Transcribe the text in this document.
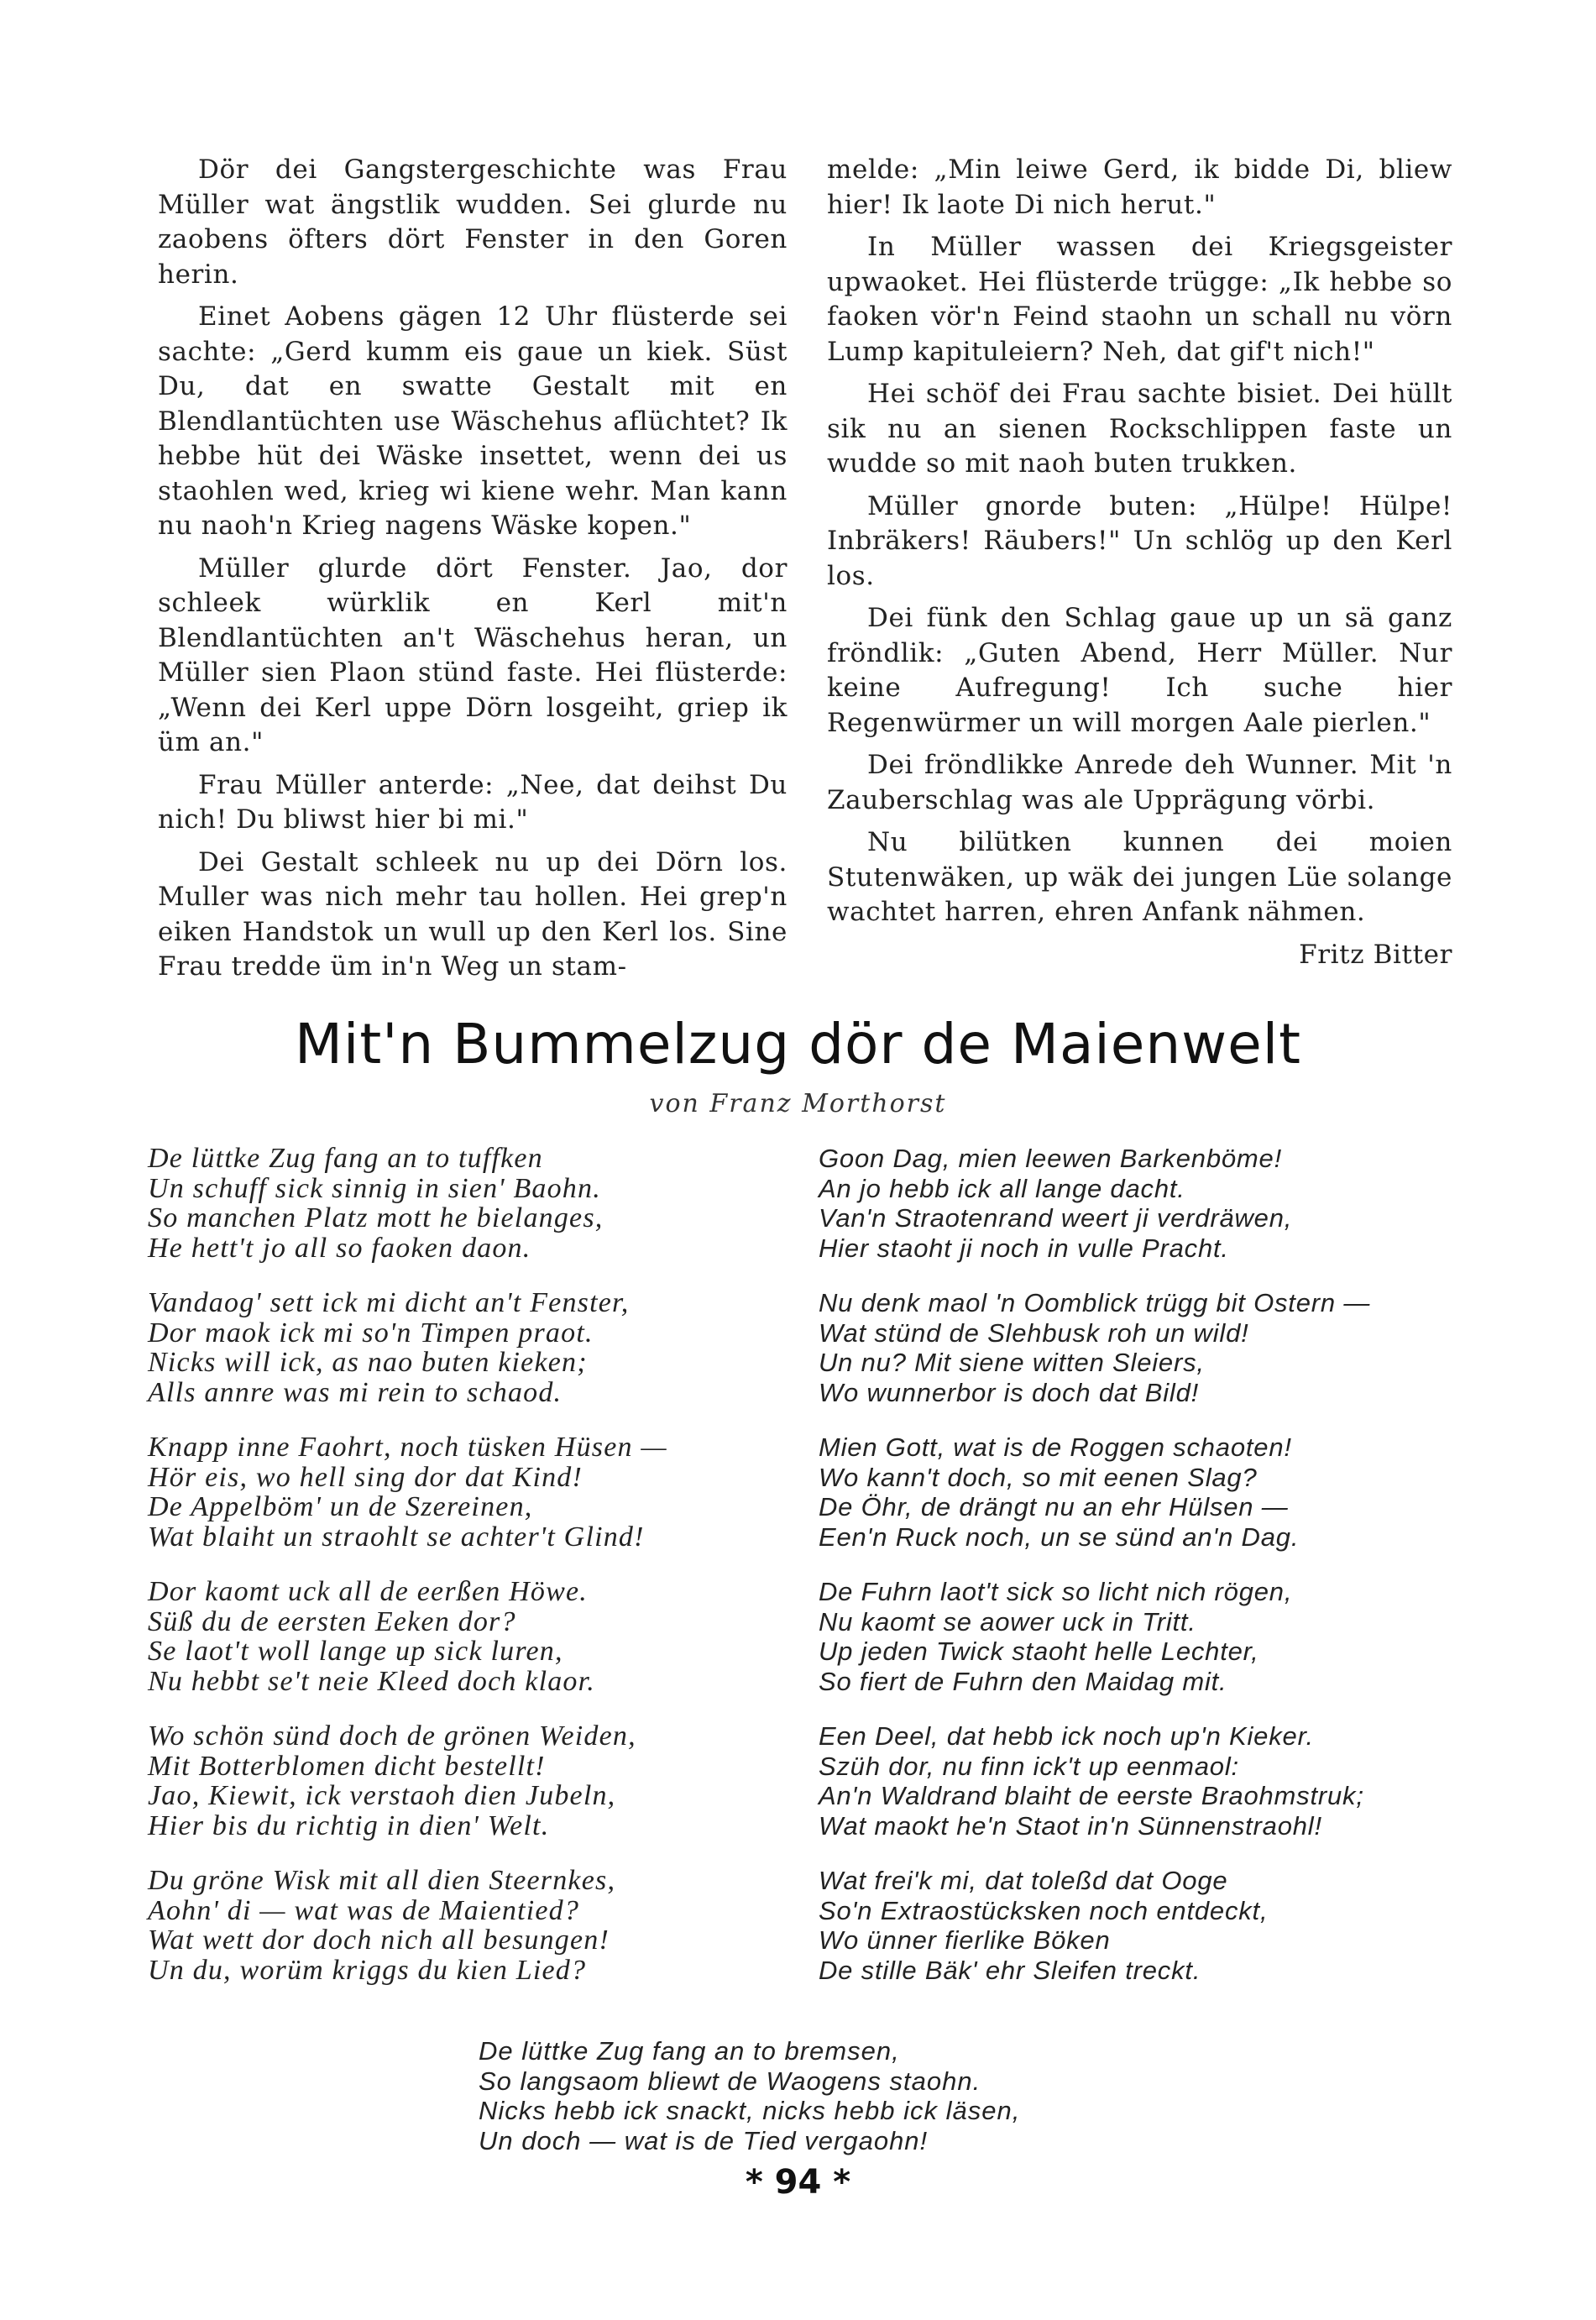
Dör dei Gangstergeschichte was Frau Müller wat ängstlik wudden. Sei glurde nu zaobens öfters dört Fenster in den Goren herin.

Einet Aobens gägen 12 Uhr flüsterde sei sachte: „Gerd kumm eis gaue un kiek. Süst Du, dat en swatte Gestalt mit en Blendlantüchten use Wäschehus aflüchtet? Ik hebbe hüt dei Wäske insettet, wenn dei us staohlen wed, krieg wi kiene wehr. Man kann nu naoh'n Krieg nagens Wäske kopen."

Müller glurde dört Fenster. Jao, dor schleek würklik en Kerl mit'n Blendlantüchten an't Wäschehus heran, un Müller sien Plaon stünd faste. Hei flüsterde: „Wenn dei Kerl uppe Dörn losgeiht, griep ik üm an."

Frau Müller anterde: „Nee, dat deihst Du nich! Du bliwst hier bi mi."

Dei Gestalt schleek nu up dei Dörn los. Muller was nich mehr tau hollen. Hei grep'n eiken Handstok un wull up den Kerl los. Sine Frau tredde üm in'n Weg un stam-

melde: „Min leiwe Gerd, ik bidde Di, bliew hier! Ik laote Di nich herut."

In Müller wassen dei Kriegsgeister upwaoket. Hei flüsterde trügge: „Ik hebbe so faoken vör'n Feind staohn un schall nu vörn Lump kapituleiern? Neh, dat gif't nich!"

Hei schöf dei Frau sachte bisiet. Dei hüllt sik nu an sienen Rockschlippen faste un wudde so mit naoh buten trukken.

Müller gnorde buten: „Hülpe! Hülpe! Inbräkers! Räubers!" Un schlög up den Kerl los.

Dei fünk den Schlag gaue up un sä ganz fröndlik: „Guten Abend, Herr Müller. Nur keine Aufregung! Ich suche hier Regenwürmer un will morgen Aale pierlen."

Dei fröndlikke Anrede deh Wunner. Mit 'n Zauberschlag was ale Upprägung vörbi.

Nu bilütken kunnen dei moien Stutenwäken, up wäk dei jungen Lüe solange wachtet harren, ehren Anfank nähmen.

Fritz Bitter
Mit'n Bummelzug dör de Maienwelt
von Franz Morthorst
De lüttke Zug fang an to tuffken
Un schuff sick sinnig in sien' Baohn.
So manchen Platz mott he bielanges,
He hett't jo all so faoken daon.
Vandaog' sett ick mi dicht an't Fenster,
Dor maok ick mi so'n Timpen praot.
Nicks will ick, as nao buten kieken;
Alls annre was mi rein to schaod.
Knapp inne Faohrt, noch tüsken Hüsen —
Hör eis, wo hell sing dor dat Kind!
De Appelböm' un de Szereinen,
Wat blaiht un straohlt se achter't Glind!
Dor kaomt uck all de eerßen Höwe.
Süß du de eersten Eeken dor?
Se laot't woll lange up sick luren,
Nu hebbt se't neie Kleed doch klaor.
Wo schön sünd doch de grönen Weiden,
Mit Botterblomen dicht bestellt!
Jao, Kiewit, ick verstaoh dien Jubeln,
Hier bis du richtig in dien' Welt.
Du gröne Wisk mit all dien Steernkes,
Aohn' di — wat was de Maientied?
Wat wett dor doch nich all besungen!
Un du, worüm kriggs du kien Lied?
Goon Dag, mien leewen Barkenböme!
An jo hebb ick all lange dacht.
Van'n Straotenrand weert ji verdräwen,
Hier staoht ji noch in vulle Pracht.
Nu denk maol 'n Oomblick trügg bit Ostern —
Wat stünd de Slehbusk roh un wild!
Un nu? Mit siene witten Sleiers,
Wo wunnerbor is doch dat Bild!
Mien Gott, wat is de Roggen schaoten!
Wo kann't doch, so mit eenen Slag?
De Öhr, de drängt nu an ehr Hülsen —
Een'n Ruck noch, un se sünd an'n Dag.
De Fuhrn laot't sick so licht nich rögen,
Nu kaomt se aower uck in Tritt.
Up jeden Twick staoht helle Lechter,
So fiert de Fuhrn den Maidag mit.
Een Deel, dat hebb ick noch up'n Kieker.
Szüh dor, nu finn ick't up eenmaol:
An'n Waldrand blaiht de eerste Braohmstruk;
Wat maokt he'n Staot in'n Sünnenstraohl!
Wat frei'k mi, dat toleßd dat Ooge
So'n Extraostücksken noch entdeckt,
Wo ünner fierlike Böken
De stille Bäk' ehr Sleifen treckt.
De lüttke Zug fang an to bremsen,
So langsaom bliewt de Waogens staohn.
Nicks hebb ick snackt, nicks hebb ick läsen,
Un doch — wat is de Tied vergaohn!
* 94 *
